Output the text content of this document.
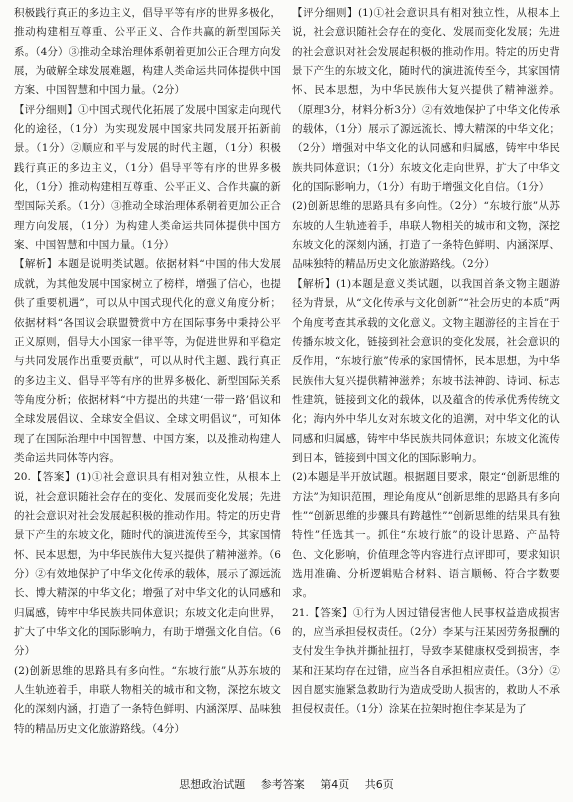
积极践行真正的多边主义，倡导平等有序的世界多极化，推动构建相互尊重、公平正义、合作共赢的新型国际关系。（4分）③推动全球治理体系朝着更加公正合理方向发展，为破解全球发展难题，构建人类命运共同体提供中国方案、中国智慧和中国力量。（2分）

【评分细则】①中国式现代化拓展了发展中国家走向现代化的途径，（1分）为实现发展中国家共同发展开拓新前景。（1分）②顺应和平与发展的时代主题，（1分）积极践行真正的多边主义，（1分）倡导平等有序的世界多极化，（1分）推动构建相互尊重、公平正义、合作共赢的新型国际关系。（1分）③推动全球治理体系朝着更加公正合理方向发展，（1分）为构建人类命运共同体提供中国方案、中国智慧和中国力量。（1分）

【解析】本题是说明类试题。依据材料“中国的伟大发展成就，为其他发展中国家树立了榜样，增强了信心，也提供了重要机遇”，可以从中国式现代化的意义角度分析；依据材料“各国议会联盟赞赏中方在国际事务中秉持公平正义原则，倡导大小国家一律平等，为促进世界和平稳定与共同发展作出重要贡献”，可以从时代主题、践行真正的多边主义、倡导平等有序的世界多极化、新型国际关系等角度分析；依据材料“中方提出的共建‘一带一路’倡议和全球发展倡议、全球安全倡议、全球文明倡议”，可知体现了在国际治理中中国智慧、中国方案，以及推动构建人类命运共同体等内容。

20.【答案】(1)①社会意识具有相对独立性，从根本上说，社会意识随社会存在的变化、发展而变化发展；先进的社会意识对社会发展起积极的推动作用。特定的历史背景下产生的东坡文化，随时代的演进流传至今，其家国情怀、民本思想，为中华民族伟大复兴提供了精神滋养。（6分）②有效地保护了中华文化传承的载体，展示了源远流长、博大精深的中华文化；增强了对中华文化的认同感和归属感，铸牢中华民族共同体意识；东坡文化走向世界，扩大了中华文化的国际影响力，有助于增强文化自信。（6分）

(2)创新思维的思路具有多向性。“东坡行旅”从苏东坡的人生轨迹着手，串联人物相关的城市和文物，深挖东坡文化的深刻内涵，打造了一条特色鲜明、内涵深厚、品味独特的精品历史文化旅游路线。（4分）

【评分细则】(1)①社会意识具有相对独立性，从根本上说，社会意识随社会存在的变化、发展而变化发展；先进的社会意识对社会发展起积极的推动作用。特定的历史背景下产生的东坡文化，随时代的演进流传至今，其家国情怀、民本思想，为中华民族伟大复兴提供了精神滋养。（原理3分，材料分析3分）②有效地保护了中华文化传承的载体，（1分）展示了源远流长、博大精深的中华文化；（2分）增强对中华文化的认同感和归属感，铸牢中华民族共同体意识；（1分）东坡文化走向世界，扩大了中华文化的国际影响力，（1分）有助于增强文化自信。（1分）

(2)创新思维的思路具有多向性。（2分）“东坡行旅”从苏东坡的人生轨迹着手，串联人物相关的城市和文物，深挖东坡文化的深刻内涵，打造了一条特色鲜明、内涵深厚、品味独特的精品历史文化旅游路线。（2分）

【解析】(1)本题是意义类试题，以我国首条文物主题游径为背景，从“文化传承与文化创新”“社会历史的本质”两个角度考查其承载的文化意义。文物主题游径的主旨在于传播东坡文化，链接到社会意识的变化发展，社会意识的反作用，“东坡行旅”传承的家国情怀，民本思想，为中华民族伟大复兴提供精神滋养；东坡书法神韵、诗词、标志性建筑，链接到文化的载体，以及蕴含的传承优秀传统文化；海内外中华儿女对东坡文化的追溯，对中华文化的认同感和归属感，铸牢中华民族共同体意识；东坡文化流传到日本，链接到中国文化的国际影响力。

(2)本题是半开放试题。根据题目要求，限定“创新思维的方法”为知识范围，理论角度从“创新思维的思路具有多向性”“创新思维的步骤具有跨越性”“创新思维的结果具有独特性”任选其一。抓住“东坡行旅”的设计思路、产品特色、文化影响，价值理念等内容进行点评即可，要求知识选用准确、分析逻辑贴合材料、语言顺畅、符合字数要求。

21.【答案】①行为人因过错侵害他人民事权益造成损害的，应当承担侵权责任。（2分）李某与汪某因劳务报酬的支付发生争执并撕扯扭打，导致李某健康权受到损害，李某和汪某均存在过错，应当各自承担相应责任。（3分）②因自愿实施紧急救助行为造成受助人损害的，救助人不承担侵权责任。（1分）涂某在拉架时抱住李某是为了

思想政治试题 参考答案 第4页 共6页
